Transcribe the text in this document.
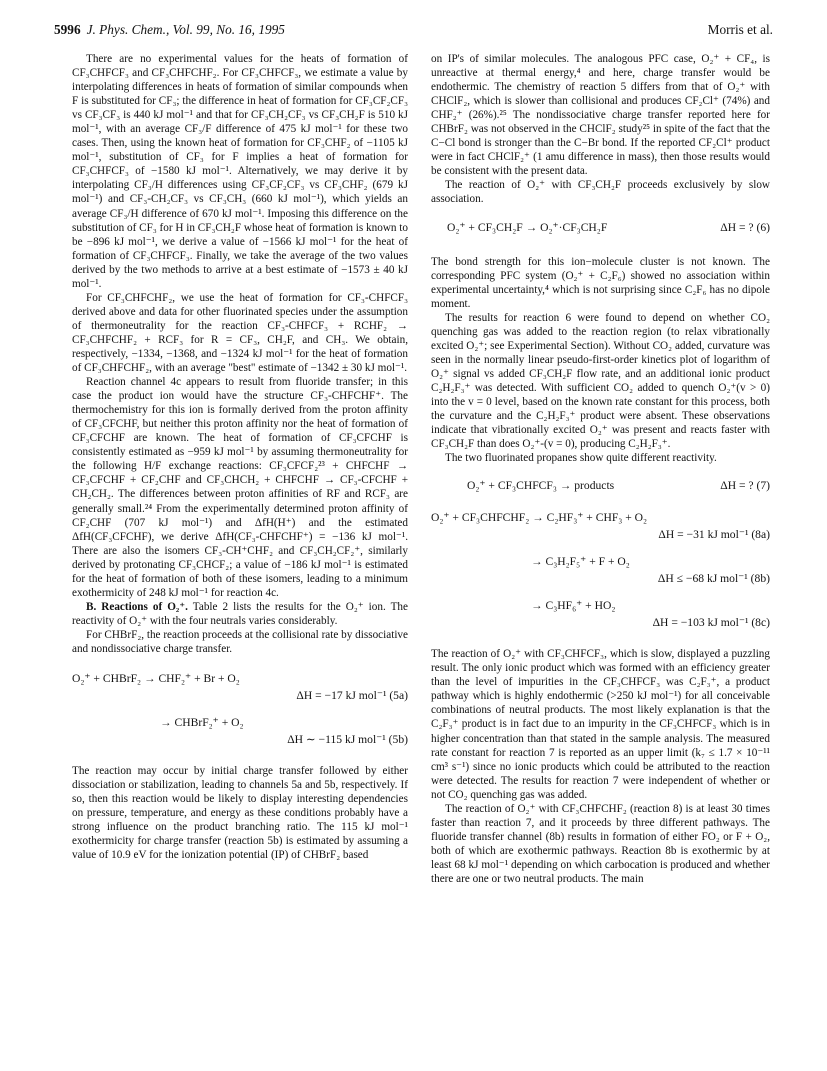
5996 J. Phys. Chem., Vol. 99, No. 16, 1995	Morris et al.

There are no experimental values for the heats of formation of CF₃CHFCF₃ and CF₃CHFCHF₂. For CF₃CHFCF₃, we estimate a value by interpolating differences in heats of formation of similar compounds when F is substituted for CF₃; the difference in heat of formation for CF₃CF₂CF₃ vs CF₃CF₃ is 440 kJ mol⁻¹ and that for CF₃CH₂CF₃ vs CF₃CH₂F is 510 kJ mol⁻¹, with an average CF₃/F difference of 475 kJ mol⁻¹ for these two cases. Then, using the known heat of formation for CF₃CHF₂ of −1105 kJ mol⁻¹, substitution of CF₃ for F implies a heat of formation for CF₃CHFCF₃ of −1580 kJ mol⁻¹. Alternatively, we may derive it by interpolating CF₃/H differences using CF₃CF₂CF₃ vs CF₃CHF₂ (679 kJ mol⁻¹) and CF₃-CH₂CF₃ vs CF₃CH₃ (660 kJ mol⁻¹), which yields an average CF₃/H difference of 670 kJ mol⁻¹. Imposing this difference on the substitution of CF₃ for H in CF₃CH₂F whose heat of formation is known to be −896 kJ mol⁻¹, we derive a value of −1566 kJ mol⁻¹ for the heat of formation of CF₃CHFCF₃. Finally, we take the average of the two values derived by the two methods to arrive at a best estimate of −1573 ± 40 kJ mol⁻¹.

For CF₃CHFCHF₂, we use the heat of formation for CF₃-CHFCF₃ derived above and data for other fluorinated species under the assumption of thermoneutrality for the reaction CF₃-CHFCF₃ + RCHF₂ → CF₃CHFCHF₂ + RCF₃ for R = CF₃, CH₂F, and CH₃. We obtain, respectively, −1334, −1368, and −1324 kJ mol⁻¹ for the heat of formation of CF₃CHFCHF₂, with an average "best" estimate of −1342 ± 30 kJ mol⁻¹.

Reaction channel 4c appears to result from fluoride transfer; in this case the product ion would have the structure CF₃-CHFCHF⁺. The thermochemistry for this ion is formally derived from the proton affinity of CF₃CFCHF, but neither this proton affinity nor the heat of formation of CF₃CFCHF are known. The heat of formation of CF₃CFCHF is consistently estimated as −959 kJ mol⁻¹ by assuming thermoneutrality for the following H/F exchange reactions: CF₃CFCF₂²³ + CHFCHF → CF₃CFCHF + CF₂CHF and CF₃CHCH₂ + CHFCHF → CF₃-CFCHF + CH₂CH₂. The differences between proton affinities of RF and RCF₃ are generally small.²⁴ From the experimentally determined proton affinity of CF₂CHF (707 kJ mol⁻¹) and ΔfH(H⁺) and the estimated ΔfH(CF₃CFCHF), we derive ΔfH(CF₃-CHFCHF⁺) = −136 kJ mol⁻¹. There are also the isomers CF₃-CH⁺CHF₂ and CF₃CH₂CF₂⁺, similarly derived by protonating CF₃CHCF₂; a value of −186 kJ mol⁻¹ is estimated for the heat of formation of both of these isomers, leading to a minimum exothermicity of 248 kJ mol⁻¹ for reaction 4c.

B. Reactions of O₂⁺. Table 2 lists the results for the O₂⁺ ion. The reactivity of O₂⁺ with the four neutrals varies considerably.

For CHBrF₂, the reaction proceeds at the collisional rate by dissociative and nondissociative charge transfer.

O₂⁺ + CHBrF₂ → CHF₂⁺ + Br + O₂
ΔH = −17 kJ mol⁻¹ (5a)
→ CHBrF₂⁺ + O₂
ΔH ∼ −115 kJ mol⁻¹ (5b)

The reaction may occur by initial charge transfer followed by either dissociation or stabilization, leading to channels 5a and 5b, respectively. If so, then this reaction would be likely to display interesting dependencies on pressure, temperature, and energy as these conditions probably have a strong influence on the product branching ratio. The 115 kJ mol⁻¹ exothermicity for charge transfer (reaction 5b) is estimated by assuming a value of 10.9 eV for the ionization potential (IP) of CHBrF₂ based

on IP's of similar molecules. The analogous PFC case, O₂⁺ + CF₄, is unreactive at thermal energy,⁴ and here, charge transfer would be endothermic. The chemistry of reaction 5 differs from that of O₂⁺ with CHClF₂, which is slower than collisional and produces CF₂Cl⁺ (74%) and CHF₂⁺ (26%).²⁵ The nondissociative charge transfer reported here for CHBrF₂ was not observed in the CHClF₂ study²⁵ in spite of the fact that the C−Cl bond is stronger than the C−Br bond. If the reported CF₂Cl⁺ product were in fact CHClF₂⁺ (1 amu difference in mass), then those results would be consistent with the present data.

The reaction of O₂⁺ with CF₃CH₂F proceeds exclusively by slow association.

O₂⁺ + CF₃CH₂F → O₂⁺·CF₃CH₂F	ΔH = ? (6)

The bond strength for this ion−molecule cluster is not known. The corresponding PFC system (O₂⁺ + C₂F₆) showed no association within experimental uncertainty,⁴ which is not surprising since C₂F₆ has no dipole moment.

The results for reaction 6 were found to depend on whether CO₂ quenching gas was added to the reaction region (to relax vibrationally excited O₂⁺; see Experimental Section). Without CO₂ added, curvature was seen in the normally linear pseudo-first-order kinetics plot of logarithm of O₂⁺ signal vs added CF₃CH₂F flow rate, and an additional ionic product C₂H₂F₃⁺ was detected. With sufficient CO₂ added to quench O₂⁺(v > 0) into the v = 0 level, based on the known rate constant for this process, both the curvature and the C₂H₂F₃⁺ product were absent. These observations indicate that vibrationally excited O₂⁺ was present and reacts faster with CF₃CH₂F than does O₂⁺-(v = 0), producing C₂H₂F₃⁺.

The two fluorinated propanes show quite different reactivity.

O₂⁺ + CF₃CHFCF₃ → products	ΔH = ? (7)
O₂⁺ + CF₃CHFCHF₂ → C₂HF₃⁺ + CHF₃ + O₂
ΔH = −31 kJ mol⁻¹ (8a)
→ C₃H₂F₅⁺ + F + O₂
ΔH ≤ −68 kJ mol⁻¹ (8b)
→ C₃HF₆⁺ + HO₂
ΔH = −103 kJ mol⁻¹ (8c)

The reaction of O₂⁺ with CF₃CHFCF₃, which is slow, displayed a puzzling result. The only ionic product which was formed with an efficiency greater than the level of impurities in the CF₃CHFCF₃ was C₂F₃⁺, a product pathway which is highly endothermic (>250 kJ mol⁻¹) for all conceivable combinations of neutral products. The most likely explanation is that the C₂F₃⁺ product is in fact due to an impurity in the CF₃CHFCF₃ which is in higher concentration than that stated in the sample analysis. The measured rate constant for reaction 7 is reported as an upper limit (k₇ ≤ 1.7 × 10⁻¹¹ cm³ s⁻¹) since no ionic products which could be attributed to the reaction were detected. The results for reaction 7 were independent of whether or not CO₂ quenching gas was added.

The reaction of O₂⁺ with CF₃CHFCHF₂ (reaction 8) is at least 30 times faster than reaction 7, and it proceeds by three different pathways. The fluoride transfer channel (8b) results in formation of either FO₂ or F + O₂, both of which are exothermic pathways. Reaction 8b is exothermic by at least 68 kJ mol⁻¹ depending on which carbocation is produced and whether there are one or two neutral products. The main
